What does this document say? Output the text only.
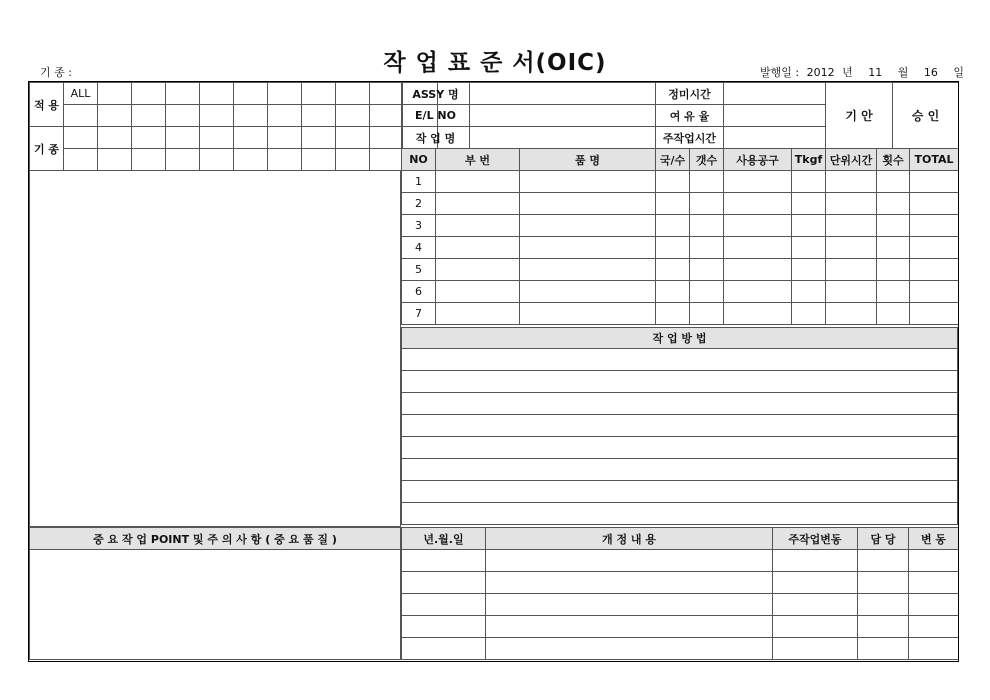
기 종 :	작 업 표 준 서(OIC)	발행일 : 2012 년 11 월 16 일
적 용	ALL										

기 종											

ASSY 명		정미시간		기 안	승 인
E/L NO		여 유 율			
작 업 명		주작업시간			
NO	부 번	품 명	국/수	갯수	사용공구	Tkgf	단위시간	횟수	TOTAL
1									
2									
3									
4									
5									
6									
7									
작 업 방 법

중 요 작 업 POINT 및 주 의 사 항 ( 중 요 품 질 )	년.월.일	개 정 내 용	주작업변동	담 당	변 동
